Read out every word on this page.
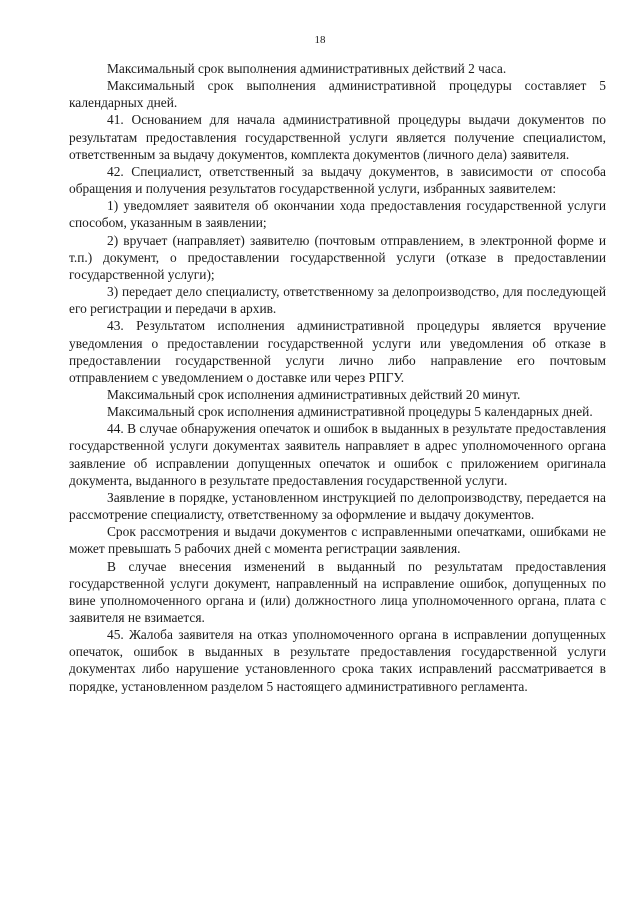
18

Максимальный срок выполнения административных действий 2 часа.

Максимальный срок выполнения административной процедуры составляет 5 календарных дней.

41. Основанием для начала административной процедуры выдачи документов по результатам предоставления государственной услуги является получение специалистом, ответственным за выдачу документов, комплекта документов (личного дела) заявителя.

42. Специалист, ответственный за выдачу документов, в зависимости от способа обращения и получения результатов государственной услуги, избранных заявителем:

1) уведомляет заявителя об окончании хода предоставления государственной услуги способом, указанным в заявлении;

2) вручает (направляет) заявителю (почтовым отправлением, в электронной форме и т.п.) документ, о предоставлении государственной услуги (отказе в предоставлении государственной услуги);

3) передает дело специалисту, ответственному за делопроизводство, для последующей его регистрации и передачи в архив.

43. Результатом исполнения административной процедуры является вручение уведомления о предоставлении государственной услуги или уведомления об отказе в предоставлении государственной услуги лично либо направление его почтовым отправлением с уведомлением о доставке или через РПГУ.

Максимальный срок исполнения административных действий 20 минут.

Максимальный срок исполнения административной процедуры 5 календарных дней.

44. В случае обнаружения опечаток и ошибок в выданных в результате предоставления государственной услуги документах заявитель направляет в адрес уполномоченного органа заявление об исправлении допущенных опечаток и ошибок с приложением оригинала документа, выданного в результате предоставления государственной услуги.

Заявление в порядке, установленном инструкцией по делопроизводству, передается на рассмотрение специалисту, ответственному за оформление и выдачу документов.

Срок рассмотрения и выдачи документов с исправленными опечатками, ошибками не может превышать 5 рабочих дней с момента регистрации заявления.

В случае внесения изменений в выданный по результатам предоставления государственной услуги документ, направленный на исправление ошибок, допущенных по вине уполномоченного органа и (или) должностного лица уполномоченного органа, плата с заявителя не взимается.

45. Жалоба заявителя на отказ уполномоченного органа в исправлении допущенных опечаток, ошибок в выданных в результате предоставления государственной услуги документах либо нарушение установленного срока таких исправлений рассматривается в порядке, установленном разделом 5 настоящего административного регламента.
